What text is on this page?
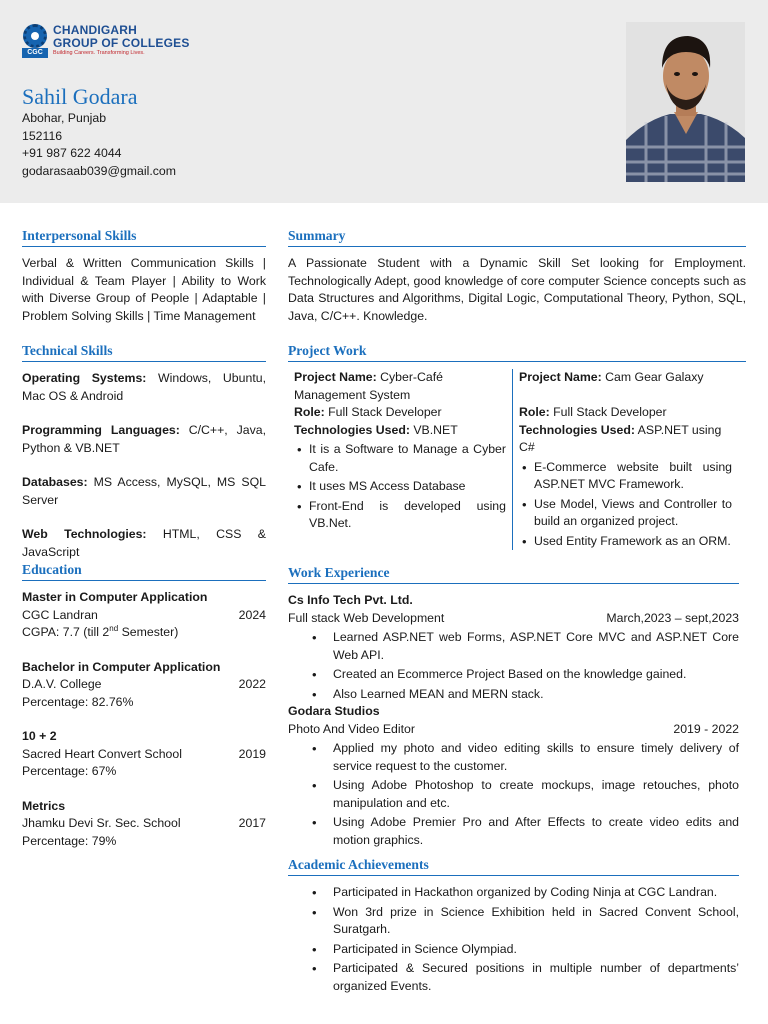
CGC
CHANDIGARH
GROUP OF COLLEGES
Building Careers. Transforming Lives.
Sahil Godara
Abohar, Punjab
152116
+91 987 622 4044
godarasaab039@gmail.com
Interpersonal Skills
Verbal & Written Communication Skills | Individual & Team Player | Ability to Work with Diverse Group of People | Adaptable | Problem Solving Skills | Time Management
Technical Skills
Operating Systems: Windows, Ubuntu, Mac OS & Android
Programming Languages: C/C++, Java, Python & VB.NET
Databases: MS Access, MySQL, MS SQL Server
Web Technologies: HTML, CSS & JavaScript
Education
Master in Computer Application
CGC Landran	2024
CGPA: 7.7 (till 2nd Semester)
Bachelor in Computer Application
D.A.V. College	2022
Percentage: 82.76%
10 + 2
Sacred Heart Convert School	2019
Percentage: 67%
Metrics
Jhamku Devi Sr. Sec. School	2017
Percentage: 79%
Summary
A Passionate Student with a Dynamic Skill Set looking for Employment. Technologically Adept, good knowledge of core computer Science concepts such as Data Structures and Algorithms, Digital Logic, Computational Theory, Python, SQL, Java, C/C++. Knowledge.
Project Work
Project Name: Cyber-Café Management System
Role: Full Stack Developer
Technologies Used: VB.NET
• It is a Software to Manage a Cyber Cafe.
• It uses MS Access Database
• Front-End is developed using VB.Net.
Project Name: Cam Gear Galaxy

Role: Full Stack Developer
Technologies Used: ASP.NET using C#
• E-Commerce website built using ASP.NET MVC Framework.
• Use Model, Views and Controller to build an organized project.
• Used Entity Framework as an ORM.
Work Experience
Cs Info Tech Pvt. Ltd.
Full stack Web Development	March,2023 – sept,2023
• Learned ASP.NET web Forms, ASP.NET Core MVC and ASP.NET Core Web API.
• Created an Ecommerce Project Based on the knowledge gained.
• Also Learned MEAN and MERN stack.
Godara Studios
Photo And Video Editor	2019 - 2022
• Applied my photo and video editing skills to ensure timely delivery of service request to the customer.
• Using Adobe Photoshop to create mockups, image retouches, photo manipulation and etc.
• Using Adobe Premier Pro and After Effects to create video edits and motion graphics.
Academic Achievements
• Participated in Hackathon organized by Coding Ninja at CGC Landran.
• Won 3rd prize in Science Exhibition held in Sacred Convent School, Suratgarh.
• Participated in Science Olympiad.
• Participated & Secured positions in multiple number of departments’ organized Events.
